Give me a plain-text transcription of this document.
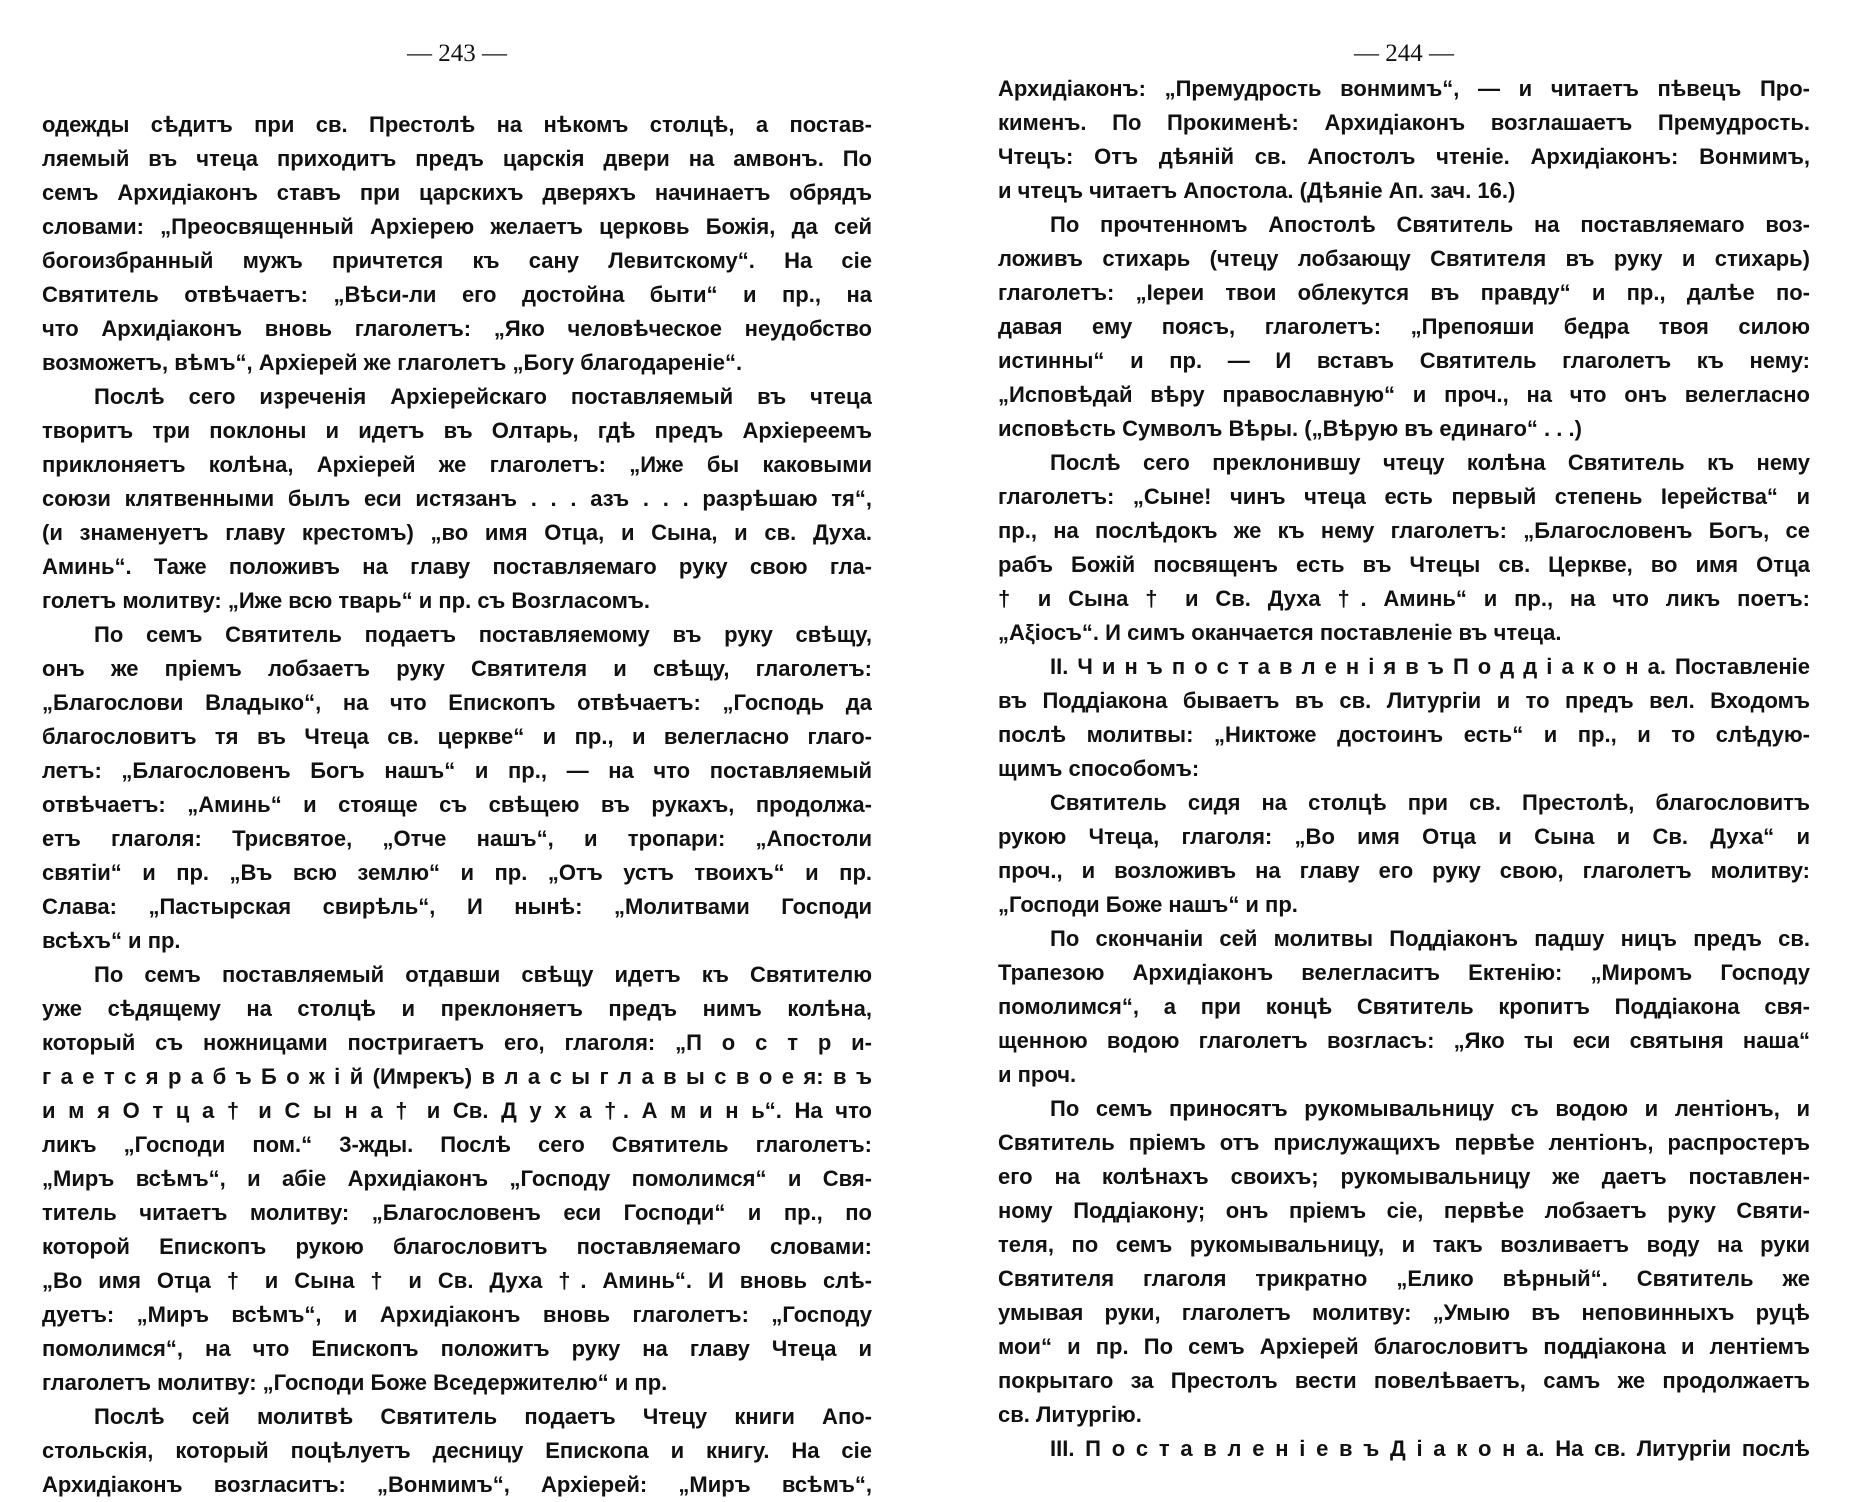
— 243 —
одежды сѣдитъ при св. Престолѣ на нѣкомъ столцѣ, а постав-
ляемый въ чтеца приходитъ предъ царскія двери на амвонъ. По
семъ Архидіаконъ ставъ при царскихъ дверяхъ начинаетъ обрядъ
словами: „Преосвященный Архіерею желаетъ церковь Божія, да сей
богоизбранный мужъ причтется къ сану Левитскому“. На сіе
Святитель отвѣчаетъ: „Вѣси-ли его достойна быти“ и пр., на
что Архидіаконъ вновь глаголетъ: „Яко человѣческое неудобство
возможетъ, вѣмъ“, Архіерей же глаголетъ „Богу благодареніе“.
Послѣ сего изреченія Архіерейскаго поставляемый въ чтеца
творитъ три поклоны и идетъ въ Олтарь, гдѣ предъ Архіереемъ
приклоняетъ колѣна, Архіерей же глаголетъ: „Иже бы каковыми
союзи клятвенными былъ еси истязанъ . . . азъ . . . разрѣшаю тя“,
(и знаменуетъ главу крестомъ) „во имя Отца, и Сына, и св. Духа.
Аминь“. Таже положивъ на главу поставляемаго руку свою гла-
голетъ молитву: „Иже всю тварь“ и пр. съ Возгласомъ.
По семъ Святитель подаетъ поставляемому въ руку свѣщу,
онъ же пріемъ лобзаетъ руку Святителя и свѣщу, глаголетъ:
„Благослови Владыко“, на что Епископъ отвѣчаетъ: „Господь да
благословитъ тя въ Чтеца св. церкве“ и пр., и велегласно глаго-
летъ: „Благословенъ Богъ нашъ“ и пр., — на что поставляемый
отвѣчаетъ: „Аминь“ и стояще съ свѣщею въ рукахъ, продолжа-
етъ глаголя: Трисвятое, „Отче нашъ“, и тропари: „Апостоли
святіи“ и пр. „Въ всю землю“ и пр. „Отъ устъ твоихъ“ и пр.
Слава: „Пастырская свирѣль“, И нынѣ: „Молитвами Господи
всѣхъ“ и пр.
По семъ поставляемый отдавши свѣщу идетъ къ Святителю
уже сѣдящему на столцѣ и преклоняетъ предъ нимъ колѣна,
который съ ножницами постригаетъ его, глаголя: „П о с т р и-
г а е т с я р а б ъ Б о ж і й (Имрекъ) в л а с ы г л а в ы с в о е я: в ъ
и м я О т ц а † и С ы н а † и Св. Д у х а †. А м и н ь“. На что
ликъ „Господи пом.“ 3-жды. Послѣ сего Святитель глаголетъ:
„Миръ всѣмъ“, и абіе Архидіаконъ „Господу помолимся“ и Свя-
титель читаетъ молитву: „Благословенъ еси Господи“ и пр., по
которой Епископъ рукою благословитъ поставляемаго словами:
„Во имя Отца † и Сына † и Св. Духа †. Аминь“. И вновь слѣ-
дуетъ: „Миръ всѣмъ“, и Архидіаконъ вновь глаголетъ: „Господу
помолимся“, на что Епископъ положитъ руку на главу Чтеца и
глаголетъ молитву: „Господи Боже Вседержителю“ и пр.
Послѣ сей молитвѣ Святитель подаетъ Чтецу книги Апо-
стольскія, который поцѣлуетъ десницу Епископа и книгу. На сіе
Архидіаконъ возгласитъ: „Вонмимъ“, Архіерей: „Миръ всѣмъ“,
— 244 —
Архидіаконъ: „Премудрость вонмимъ“, — и читаетъ пѣвецъ Про-
кименъ. По Прокименѣ: Архидіаконъ возглашаетъ Премудрость.
Чтецъ: Отъ дѣяній св. Апостолъ чтеніе. Архидіаконъ: Вонмимъ,
и чтецъ читаетъ Апостола. (Дѣяніе Ап. зач. 16.)
По прочтенномъ Апостолѣ Святитель на поставляемаго воз-
ложивъ стихарь (чтецу лобзающу Святителя въ руку и стихарь)
глаголетъ: „Іереи твои облекутся въ правду“ и пр., далѣе по-
давая ему поясъ, глаголетъ: „Препояши бедра твоя силою
истинны“ и пр. — И вставъ Святитель глаголетъ къ нему:
„Исповѣдай вѣру православную“ и проч., на что онъ велегласно
исповѣсть Сумволъ Вѣры. („Вѣрую въ единаго“ . . .)
Послѣ сего преклонившу чтецу колѣна Святитель къ нему
глаголетъ: „Сыне! чинъ чтеца есть первый степень Іерейства“ и
пр., на послѣдокъ же къ нему глаголетъ: „Благословенъ Богъ, се
рабъ Божій посвященъ есть въ Чтецы св. Церкве, во имя Отца
† и Сына † и Св. Духа †. Аминь“ и пр., на что ликъ поетъ:
„Аξіосъ“. И симъ оканчается поставленіе въ чтеца.
II. Ч и н ъ п о с т а в л е н і я в ъ П о д д і а к о н а. Поставленіе
въ Поддіакона бываетъ въ св. Литургіи и то предъ вел. Входомъ
послѣ молитвы: „Никтоже достоинъ есть“ и пр., и то слѣдую-
щимъ способомъ:
Святитель сидя на столцѣ при св. Престолѣ, благословитъ
рукою Чтеца, глаголя: „Во имя Отца и Сына и Св. Духа“ и
проч., и возложивъ на главу его руку свою, глаголетъ молитву:
„Господи Боже нашъ“ и пр.
По скончаніи сей молитвы Поддіаконъ падшу ницъ предъ св.
Трапезою Архидіаконъ велегласитъ Ектенію: „Миромъ Господу
помолимся“, а при концѣ Святитель кропитъ Поддіакона свя-
щенною водою глаголетъ возгласъ: „Яко ты еси святыня наша“
и проч.
По семъ приносятъ рукомывальницу съ водою и лентіонъ, и
Святитель пріемъ отъ прислужащихъ первѣе лентіонъ, распростеръ
его на колѣнахъ своихъ; рукомывальницу же даетъ поставлен-
ному Поддіакону; онъ пріемъ сіе, первѣе лобзаетъ руку Святи-
теля, по семъ рукомывальницу, и такъ возливаетъ воду на руки
Святителя глаголя трикратно „Елико вѣрный“. Святитель же
умывая руки, глаголетъ молитву: „Умыю въ неповинныхъ руцѣ
мои“ и пр. По семъ Архіерей благословитъ поддіакона и лентіемъ
покрытаго за Престолъ вести повелѣваетъ, самъ же продолжаетъ
св. Литургію.
III. П о с т а в л е н і е в ъ Д і а к о н а. На св. Литургіи послѣ
